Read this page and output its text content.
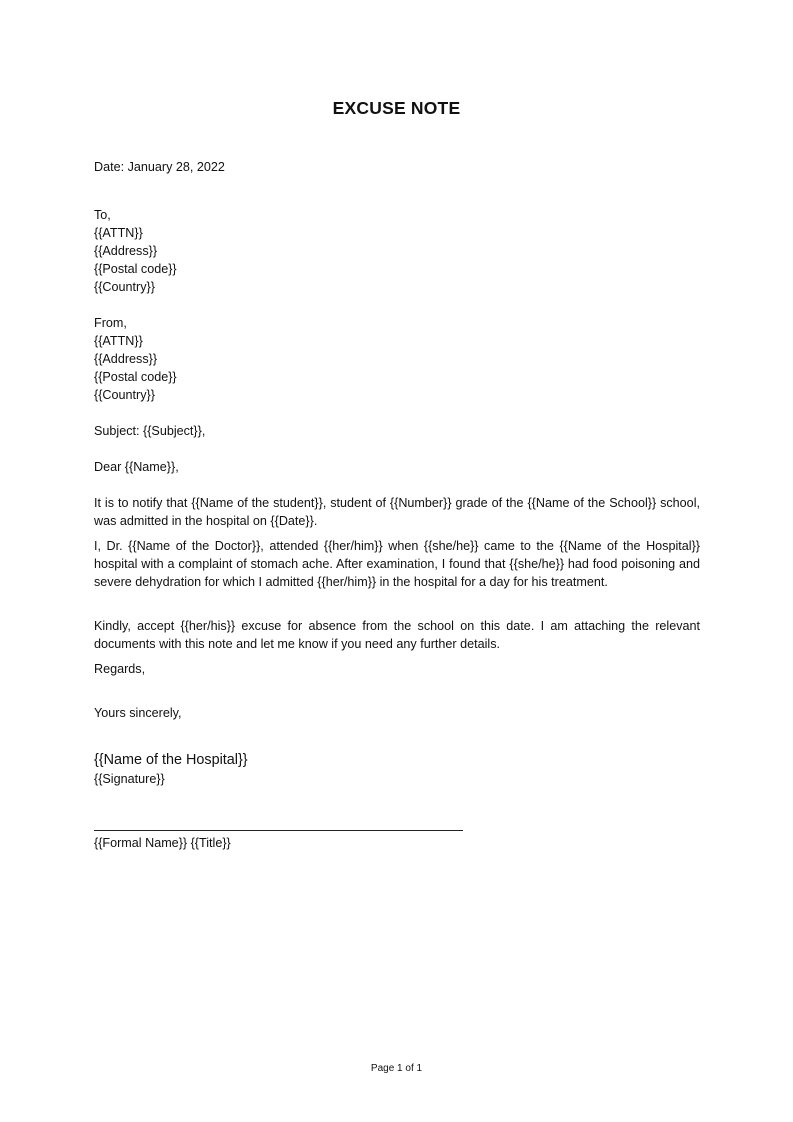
EXCUSE NOTE
Date: January 28, 2022
To,
{{ATTN}}
{{Address}}
{{Postal code}}
{{Country}}
From,
{{ATTN}}
{{Address}}
{{Postal code}}
{{Country}}
Subject: {{Subject}},
Dear {{Name}},
It is to notify that {{Name of the student}}, student of {{Number}} grade of the {{Name of the School}} school, was admitted in the hospital on {{Date}}.
I, Dr. {{Name of the Doctor}}, attended {{her/him}} when {{she/he}} came to the {{Name of the Hospital}} hospital with a complaint of stomach ache. After examination, I found that {{she/he}} had food poisoning and severe dehydration for which I admitted {{her/him}} in the hospital for a day for his treatment.
Kindly, accept {{her/his}} excuse for absence from the school on this date. I am attaching the relevant documents with this note and let me know if you need any further details.
Regards,
Yours sincerely,
{{Name of the Hospital}}
{{Signature}}
{{Formal Name}} {{Title}}
Page 1 of 1
